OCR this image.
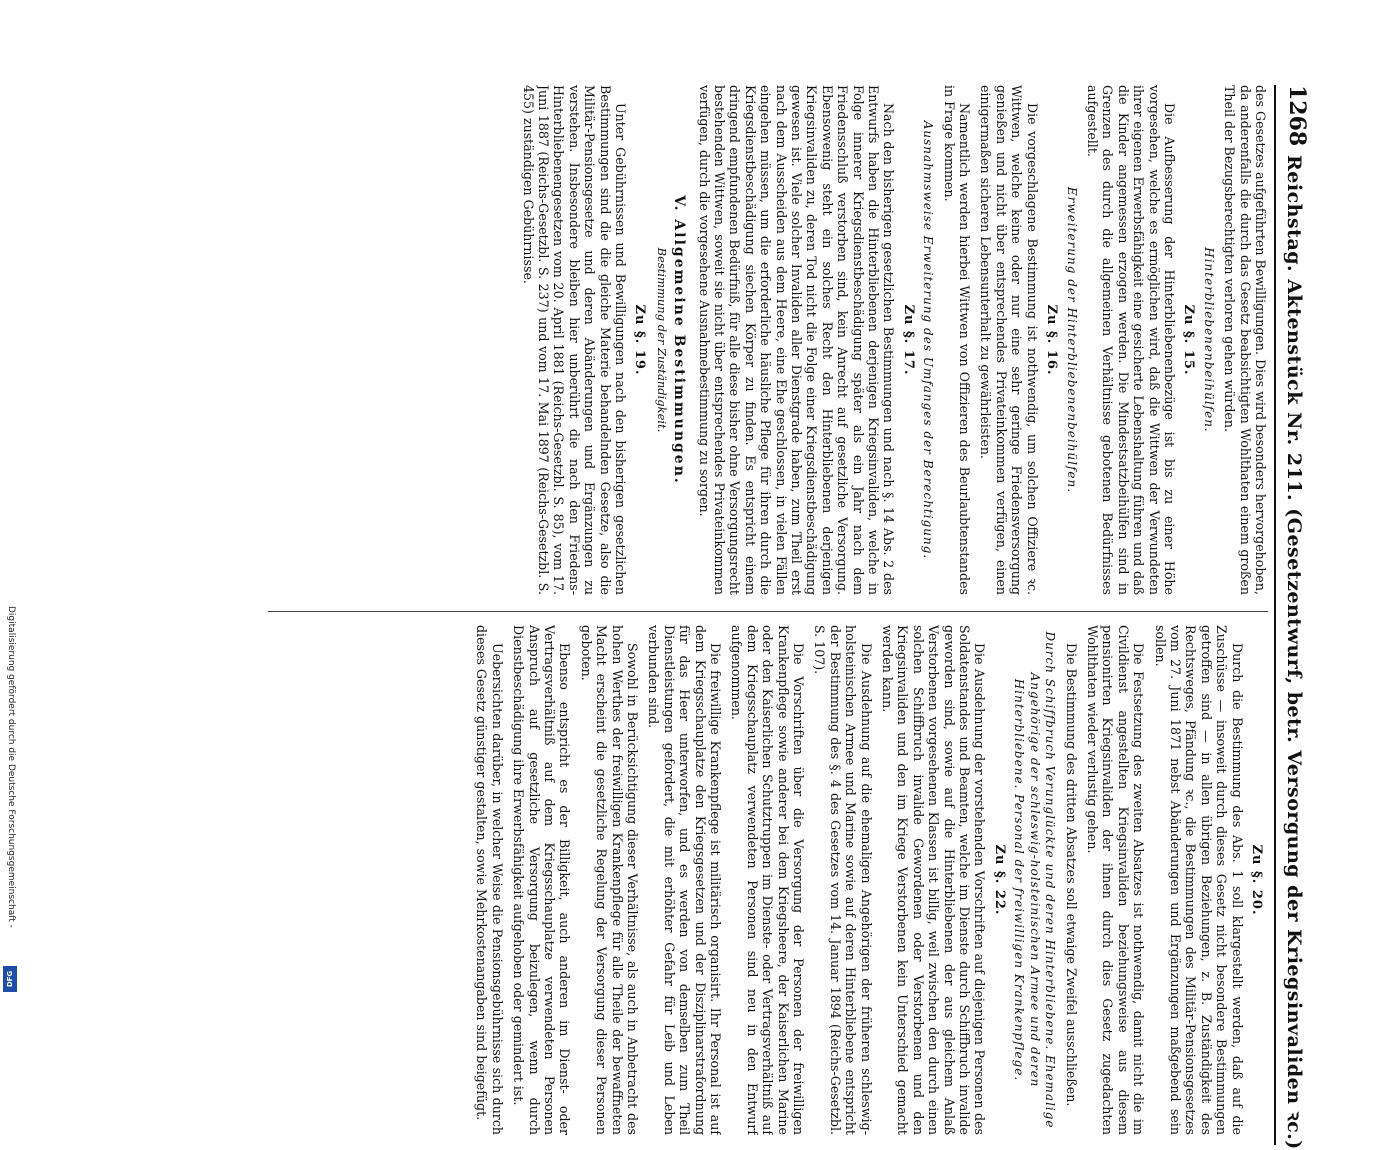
Digitalisierung gefördert durch die Deutsche Forschungsgemeinschaft -
DFG
1268
Reichstag. Aktenstück Nr. 211. (Gesetzentwurf, betr. Versorgung der Kriegsinvaliden ꝛc.)

des Gesetzes aufgeführten Bewilligungen. Dies wird besonders hervorgehoben, da anderenfalls die durch das Gesetz beabsichtigten Wohlthaten einem großen Theil der Bezugsberechtigten verloren gehen würden.

Hinterbliebenenbeihülfen.
Zu §. 15.

Die Aufbesserung der Hinterbliebenenbezüge ist bis zu einer Höhe vorgesehen, welche es ermöglichen wird, daß die Wittwen der Verwundeten ihrer eigenen Erwerbsfähigkeit eine gesicherte Lebenshaltung führen und daß die Kinder angemessen erzogen werden. Die Mindestsatzbeihülfen sind in Grenzen des durch die allgemeinen Verhältnisse gebotenen Bedürfnisses aufgestellt.

Erweiterung der Hinterbliebenenbeihülfen.
Zu §. 16.

Die vorgeschlagene Bestimmung ist nothwendig, um solchen Offiziere ꝛc. Wittwen, welche keine oder nur eine sehr geringe Friedensversorgung genießen und nicht über entsprechendes Privateinkommen verfügen, einen einigermaßen sicheren Lebensunterhalt zu gewährleisten.

Namentlich werden hierbei Wittwen von Offizieren des Beurlaubtenstandes in Frage kommen.

Ausnahmsweise Erweiterung des Umfanges der Berechtigung.
Zu §. 17.

Nach den bisherigen gesetzlichen Bestimmungen und nach §. 14 Abs. 2 des Entwurfs haben die Hinterbliebenen derjenigen Kriegsinvaliden, welche in Folge innerer Kriegsdienstbeschädigung später als ein Jahr nach dem Friedensschluß verstorben sind, kein Anrecht auf gesetzliche Versorgung. Ebensowenig steht ein solches Recht den Hinterbliebenen derjenigen Kriegsinvaliden zu, deren Tod nicht die Folge einer Kriegsdienstbeschädigung gewesen ist. Viele solcher Invaliden aller Dienstgrade haben, zum Theil erst nach dem Ausscheiden aus dem Heere, eine Ehe geschlossen, in vielen Fällen eingehen müssen, um die erforderliche häusliche Pflege für ihren durch die Kriegsdienstbeschädigung siechen Körper zu finden. Es entspricht einem dringend empfundenen Bedürfniß, für alle diese bisher ohne Versorgungsrecht bestehenden Wittwen, soweit sie nicht über entsprechendes Privateinkommen verfügen, durch die vorgesehene Ausnahmebestimmung zu sorgen.

V. Allgemeine Bestimmungen.
Bestimmung der Zuständigkeit.
Zu §. 19.

Unter Gebührnissen und Bewilligungen nach den bisherigen gesetzlichen Bestimmungen sind die die gleiche Materie behandelnden Gesetze, also die Militär-Pensionsgesetze und deren Abänderungen und Ergänzungen zu verstehen. Insbesondere bleiben hier unberührt die nach den Friedens-Hinterbliebenengesetzen vom 20. April 1881 (Reichs-Gesetzbl. S. 85), vom 17. Juni 1887 (Reichs-Gesetzbl. S. 237) und vom 17. Mai 1897 (Reichs-Gesetzbl. S. 455) zuständigen Gebührnisse.

Zu §. 20.

Durch die Bestimmung des Abs. 1 soll klargestellt werden, daß auf die Zuschüsse — insoweit durch dieses Gesetz nicht besondere Bestimmungen getroffen sind — in allen übrigen Beziehungen, z. B. Zuständigkeit des Rechtsweges, Pfändung ꝛc., die Bestimmungen des Militär-Pensionsgesetzes vom 27. Juni 1871 nebst Abänderungen und Ergänzungen maßgebend sein sollen.

Die Festsetzung des zweiten Absatzes ist nothwendig, damit nicht die im Civildienst angestellten Kriegsinvaliden beziehungsweise aus diesem pensionirten Kriegsinvaliden der ihnen durch dies Gesetz zugedachten Wohlthaten wieder verlustig gehen.

Die Bestimmung des dritten Absatzes soll etwaige Zweifel ausschließen.

Durch Schiffbruch Verunglückte und deren Hinterbliebene. Ehemalige Angehörige der schleswig-holsteinischen Armee und deren Hinterbliebene. Personal der freiwilligen Krankenpflege.
Zu §. 22.

Die Ausdehnung der vorstehenden Vorschriften auf diejenigen Personen des Soldatenstandes und Beamten, welche im Dienste durch Schiffbruch invalide geworden sind, sowie auf die Hinterbliebenen der aus gleichem Anlaß Verstorbenen vorgesehenen Klassen ist billig, weil zwischen den durch einen solchen Schiffbruch invalide Gewordenen oder Verstorbenen und den Kriegsinvaliden und den im Kriege Verstorbenen kein Unterschied gemacht werden kann.

Die Ausdehnung auf die ehemaligen Angehörigen der früheren schleswig-holsteinischen Armee und Marine sowie auf deren Hinterbliebene entspricht der Bestimmung des §. 4 des Gesetzes vom 14. Januar 1894 (Reichs-Gesetzbl. S. 107).

Die Vorschriften über die Versorgung der Personen der freiwilligen Krankenpflege sowie anderer bei dem Kriegsheere, der Kaiserlichen Marine oder den Kaiserlichen Schutztruppen im Dienste- oder Vertragsverhältniß auf dem Kriegsschauplatz verwendeten Personen sind neu in den Entwurf aufgenommen.

Die freiwillige Krankenpflege ist militärisch organisirt. Ihr Personal ist auf dem Kriegsschauplatze den Kriegsgesetzen und der Disziplinarstrafordnung für das Heer unterworfen, und es werden von demselben zum Theil Dienstleistungen gefordert, die mit erhöhter Gefahr für Leib und Leben verbunden sind.

Sowohl in Berücksichtigung dieser Verhältnisse, als auch in Anbetracht des hohen Werthes der freiwilligen Krankenpflege für alle Theile der bewaffneten Macht erscheint die gesetzliche Regelung der Versorgung dieser Personen geboten.

Ebenso entspricht es der Billigkeit, auch anderen im Dienst- oder Vertragsverhältniß auf dem Kriegsschauplatze verwendeten Personen Anspruch auf gesetzliche Versorgung beizulegen, wenn durch Dienstbeschädigung ihre Erwerbsfähigkeit aufgehoben oder gemindert ist.

Uebersichten darüber, in welcher Weise die Pensionsgebührnisse sich durch dieses Gesetz günstiger gestalten, sowie Mehrkostenangaben sind beigefügt.
